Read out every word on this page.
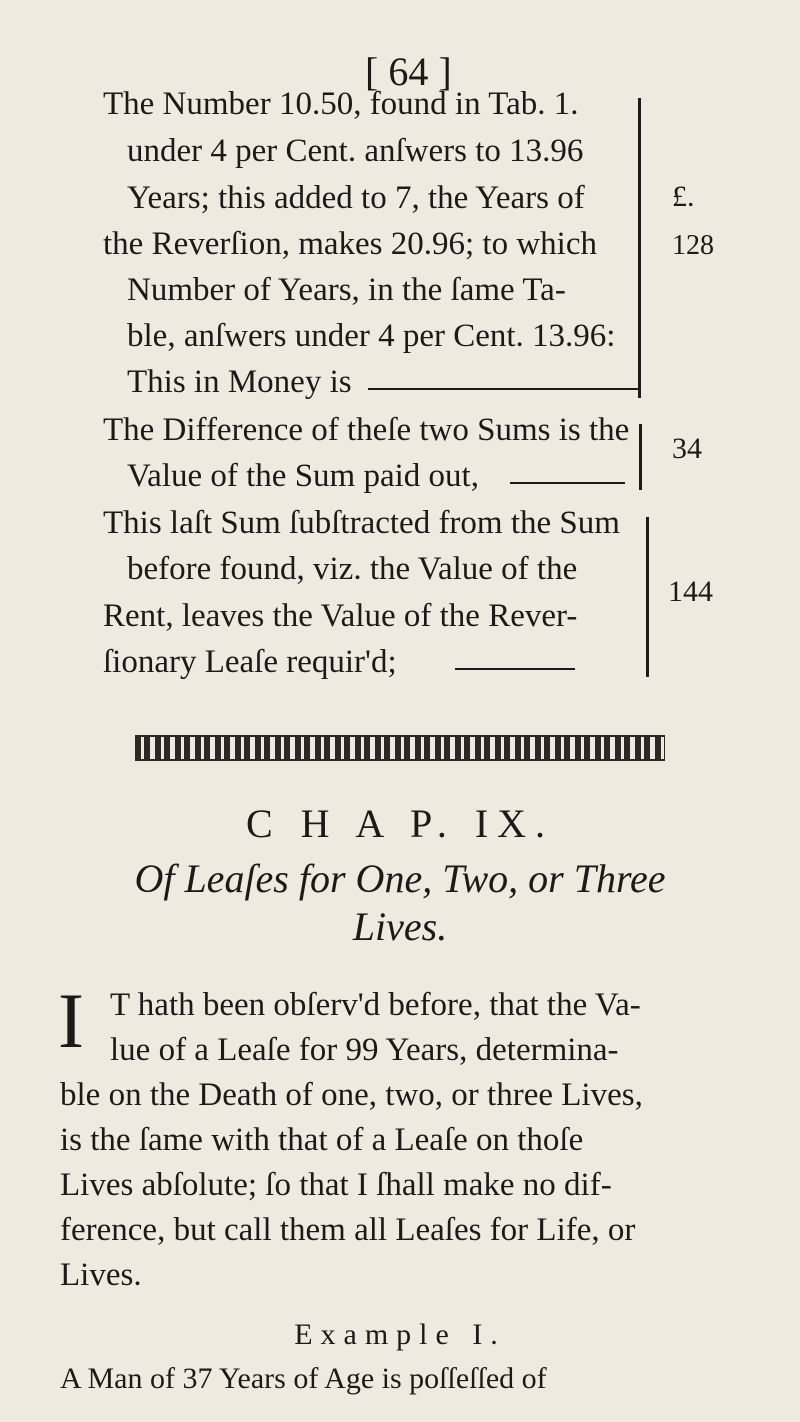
[ 64 ]
The Number 10.50, found in Tab. 1.
under 4 per Cent. anſwers to 13.96
Years; this added to 7, the Years of
the Reverſion, makes 20.96; to which
Number of Years, in the ſame Ta-
ble, anſwers under 4 per Cent. 13.96:
This in Money is
£.
128
The Difference of theſe two Sums is the
Value of the Sum paid out,
34
This laſt Sum ſubſtracted from the Sum
before found, viz. the Value of the
Rent, leaves the Value of the Rever-
ſionary Leaſe requir'd;
144
C H A P. IX.
Of Leaſes for One, Two, or Three
Lives.
I T hath been obſerv'd before, that the Va-
lue of a Leaſe for 99 Years, determina-
ble on the Death of one, two, or three Lives,
is the ſame with that of a Leaſe on thoſe
Lives abſolute; ſo that I ſhall make no dif-
ference, but call them all Leaſes for Life, or
Lives.
Example I.
A Man of 37 Years of Age is poſſeſſed of
